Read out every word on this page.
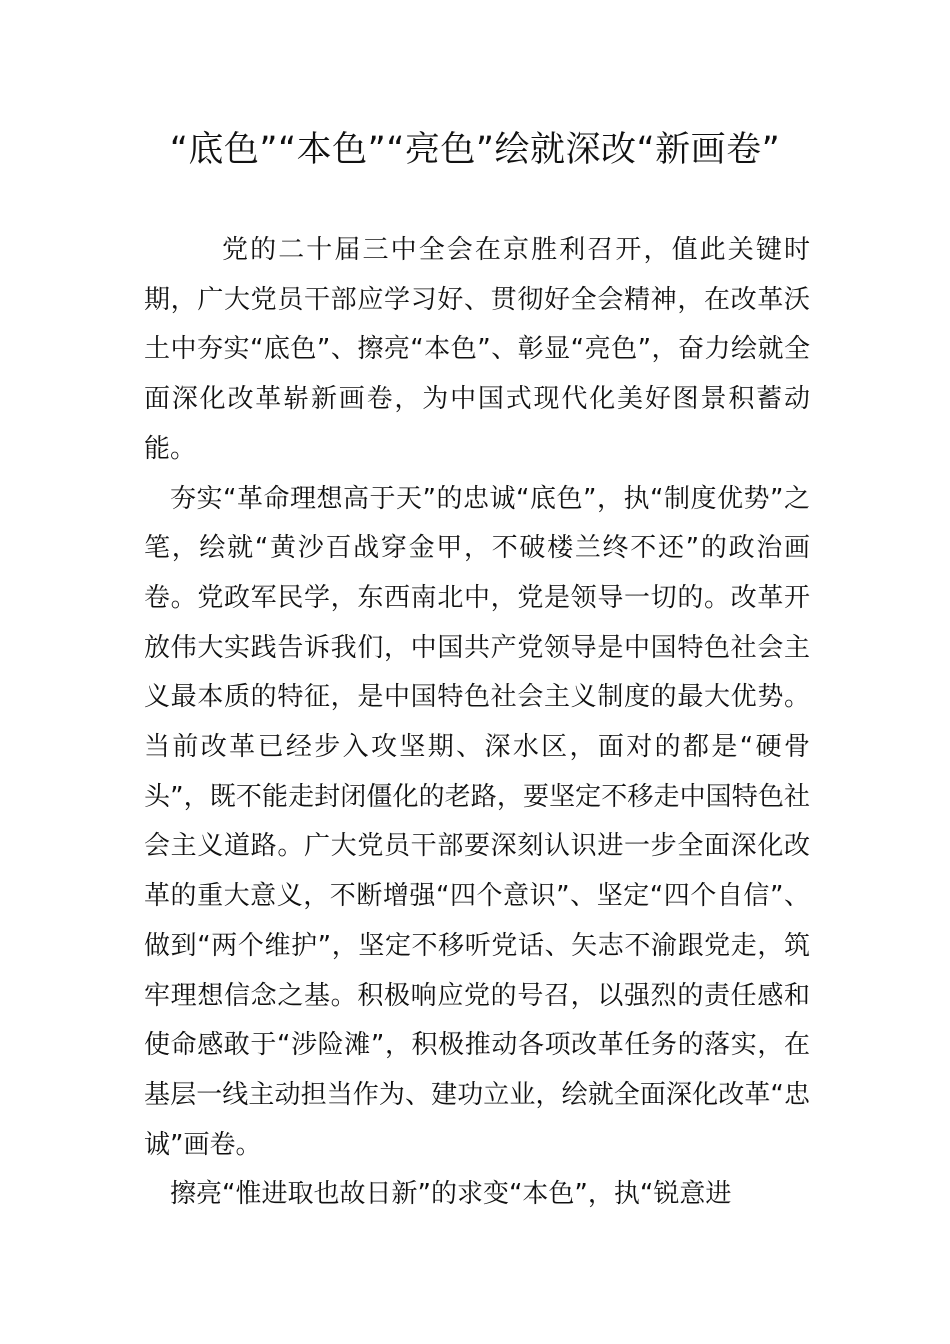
“底色”“本色”“亮色”绘就深改“新画卷”

党的二十届三中全会在京胜利召开，值此关键时期，广大党员干部应学习好、贯彻好全会精神，在改革沃土中夯实“底色”、擦亮“本色”、彰显“亮色”，奋力绘就全面深化改革崭新画卷，为中国式现代化美好图景积蓄动能。

夯实“革命理想高于天”的忠诚“底色”，执“制度优势”之笔，绘就“黄沙百战穿金甲，不破楼兰终不还”的政治画卷。党政军民学，东西南北中，党是领导一切的。改革开放伟大实践告诉我们，中国共产党领导是中国特色社会主义最本质的特征，是中国特色社会主义制度的最大优势。当前改革已经步入攻坚期、深水区，面对的都是“硬骨头”，既不能走封闭僵化的老路，要坚定不移走中国特色社会主义道路。广大党员干部要深刻认识进一步全面深化改革的重大意义，不断增强“四个意识”、坚定“四个自信”、做到“两个维护”，坚定不移听党话、矢志不渝跟党走，筑牢理想信念之基。积极响应党的号召，以强烈的责任感和使命感敢于“涉险滩”，积极推动各项改革任务的落实，在基层一线主动担当作为、建功立业，绘就全面深化改革“忠诚”画卷。

擦亮“惟进取也故日新”的求变“本色”，执“锐意进
